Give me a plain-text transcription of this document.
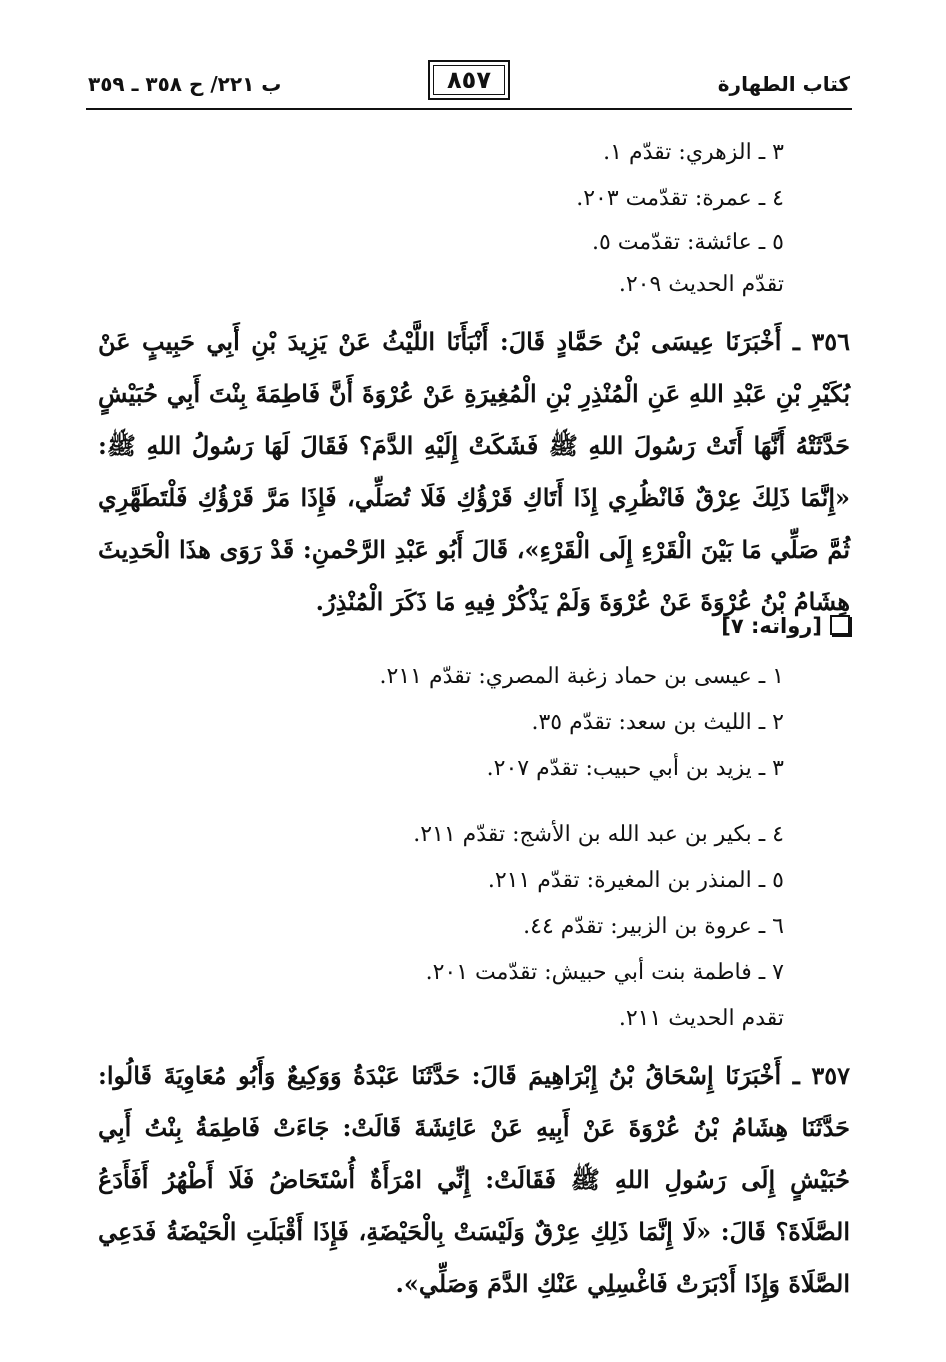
كتاب الطهارة
٨٥٧
ب ٢٢١/ ح ٣٥٨ ـ ٣٥٩
٣ ـ الزهري: تقدّم ١.
٤ ـ عمرة: تقدّمت ٢٠٣.
٥ ـ عائشة: تقدّمت ٥.
تقدّم الحديث ٢٠٩.
٣٥٦ ـ أَخْبَرَنَا عِيسَى بْنُ حَمَّادٍ قَالَ: أَنْبَأَنَا اللَّيْثُ عَنْ يَزِيدَ بْنِ أَبِي حَبِيبٍ عَنْ بُكَيْرِ بْنِ عَبْدِ اللهِ عَنِ الْمُنْذِرِ بْنِ الْمُغِيرَةِ عَنْ عُرْوَةَ أَنَّ فَاطِمَةَ بِنْتَ أَبِي حُبَيْشٍ حَدَّثَتْهُ أَنَّهَا أَتَتْ رَسُولَ اللهِ ﷺ فَشَكَتْ إِلَيْهِ الدَّمَ؟ فَقَالَ لَهَا رَسُولُ اللهِ ﷺ: «إِنَّمَا ذَلِكَ عِرْقٌ فَانْظُرِي إِذَا أَتَاكِ قَرْؤُكِ فَلَا تُصَلِّي، فَإِذَا مَرَّ قَرْؤُكِ فَلْتَطَهَّرِي ثُمَّ صَلِّي مَا بَيْنَ الْقَرْءِ إِلَى الْقَرْءِ»، قَالَ أَبُو عَبْدِ الرَّحْمنِ: قَدْ رَوَى هذَا الْحَدِيثَ هِشَامُ بْنُ عُرْوَةَ عَنْ عُرْوَةَ وَلَمْ يَذْكُرْ فِيهِ مَا ذَكَرَ الْمُنْذِرُ.
[رواته: ٧]
١ ـ عيسى بن حماد زغبة المصري: تقدّم ٢١١.
٢ ـ الليث بن سعد: تقدّم ٣٥.
٣ ـ يزيد بن أبي حبيب: تقدّم ٢٠٧.
٤ ـ بكير بن عبد الله بن الأشج: تقدّم ٢١١.
٥ ـ المنذر بن المغيرة: تقدّم ٢١١.
٦ ـ عروة بن الزبير: تقدّم ٤٤.
٧ ـ فاطمة بنت أبي حبيش: تقدّمت ٢٠١.
تقدم الحديث ٢١١.
٣٥٧ ـ أَخْبَرَنَا إِسْحَاقُ بْنُ إِبْرَاهِيمَ قَالَ: حَدَّثَنَا عَبْدَةُ وَوَكِيعٌ وَأَبُو مُعَاوِيَةَ قَالُوا: حَدَّثَنَا هِشَامُ بْنُ عُرْوَةَ عَنْ أَبِيهِ عَنْ عَائِشَةَ قَالَتْ: جَاءَتْ فَاطِمَةُ بِنْتُ أَبِي حُبَيْشٍ إِلَى رَسُولِ اللهِ ﷺ فَقَالَتْ: إِنِّي امْرَأَةٌ أُسْتَحَاضُ فَلَا أَطْهُرُ أَفَأَدَعُ الصَّلَاةَ؟ قَالَ: «لَا إِنَّمَا ذَلِكِ عِرْقٌ وَلَيْسَتْ بِالْحَيْضَةِ، فَإِذَا أَقْبَلَتِ الْحَيْضَةُ فَدَعِي الصَّلَاةَ وَإِذَا أَدْبَرَتْ فَاغْسِلِي عَنْكِ الدَّمَ وَصَلِّي».
